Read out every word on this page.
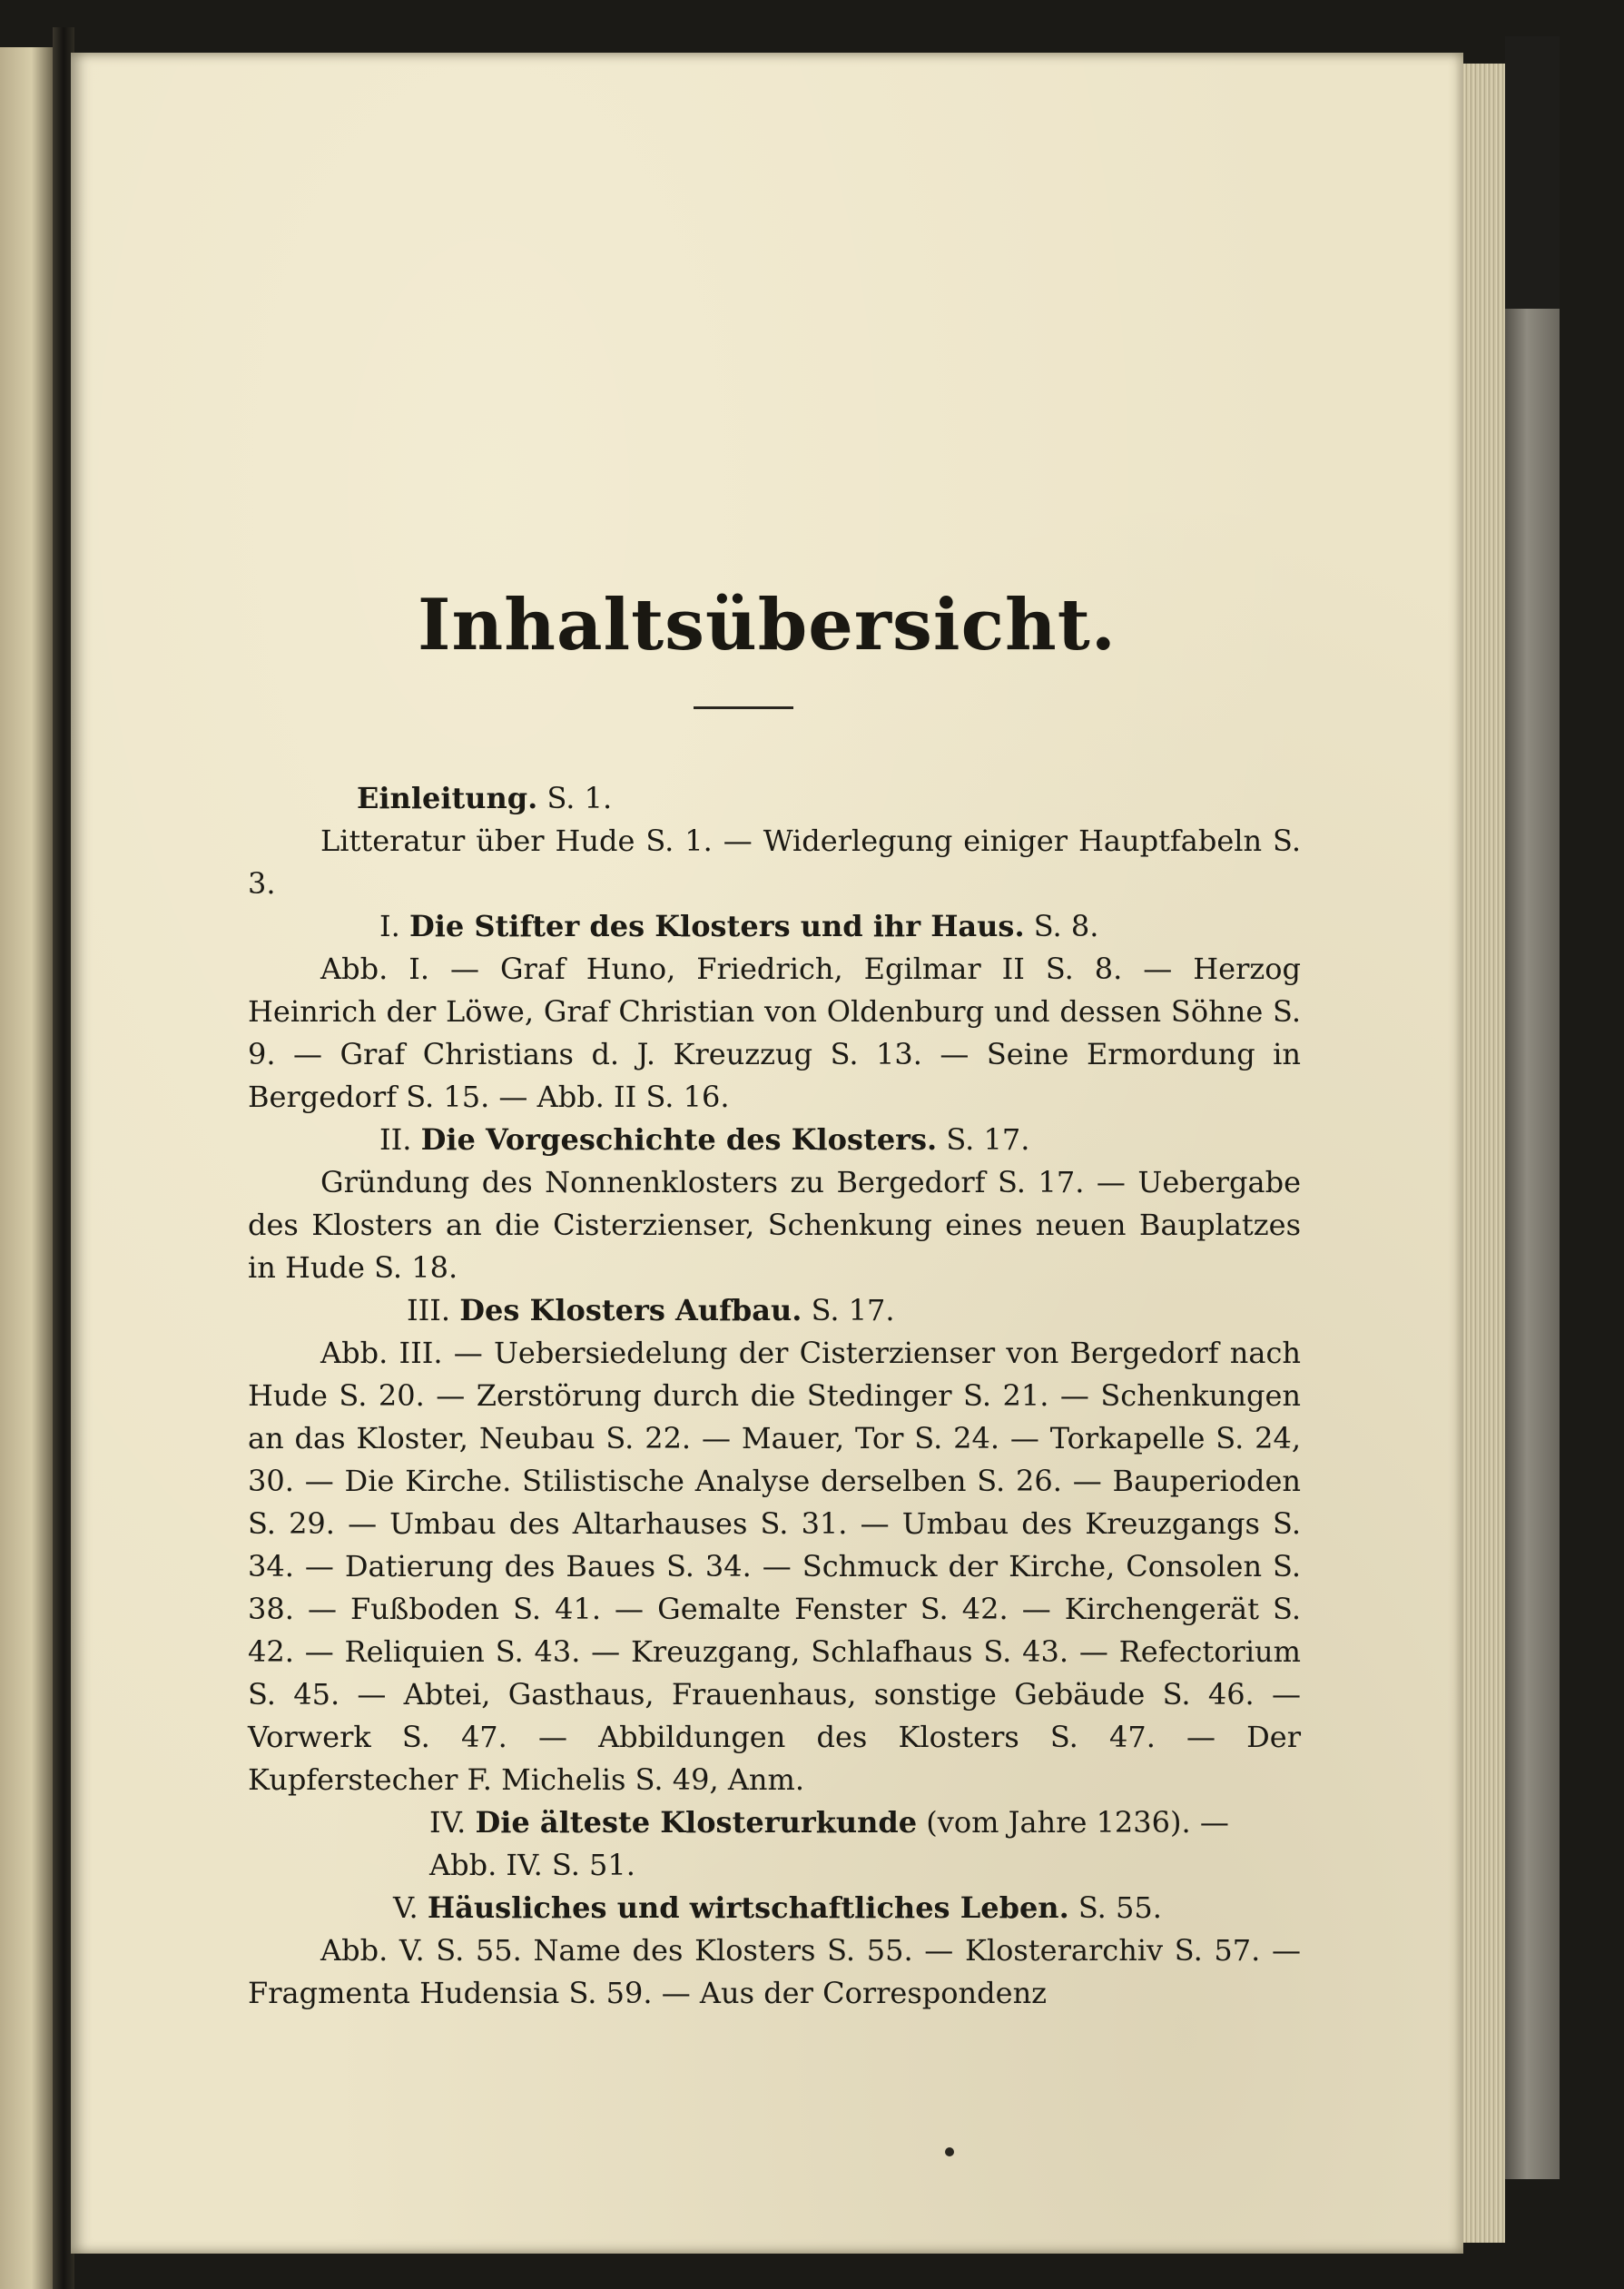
Inhaltsübersicht.

Einleitung. S. 1.

Litteratur über Hude S. 1. — Widerlegung einiger Hauptfabeln S. 3.

I. Die Stifter des Klosters und ihr Haus. S. 8.

Abb. I. — Graf Huno, Friedrich, Egilmar II S. 8. — Herzog Heinrich der Löwe, Graf Christian von Oldenburg und dessen Söhne S. 9. — Graf Christians d. J. Kreuzzug S. 13. — Seine Ermordung in Bergedorf S. 15. — Abb. II S. 16.

II. Die Vorgeschichte des Klosters. S. 17.

Gründung des Nonnenklosters zu Bergedorf S. 17. — Uebergabe des Klosters an die Cisterzienser, Schenkung eines neuen Bauplatzes in Hude S. 18.

III. Des Klosters Aufbau. S. 17.

Abb. III. — Uebersiedelung der Cisterzienser von Bergedorf nach Hude S. 20. — Zerstörung durch die Stedinger S. 21. — Schenkungen an das Kloster, Neubau S. 22. — Mauer, Tor S. 24. — Torkapelle S. 24, 30. — Die Kirche. Stilistische Analyse derselben S. 26. — Bauperioden S. 29. — Umbau des Altarhauses S. 31. — Umbau des Kreuzgangs S. 34. — Datierung des Baues S. 34. — Schmuck der Kirche, Consolen S. 38. — Fußboden S. 41. — Gemalte Fenster S. 42. — Kirchengerät S. 42. — Reliquien S. 43. — Kreuzgang, Schlafhaus S. 43. — Refectorium S. 45. — Abtei, Gasthaus, Frauenhaus, sonstige Gebäude S. 46. — Vorwerk S. 47. — Abbildungen des Klosters S. 47. — Der Kupferstecher F. Michelis S. 49, Anm.

IV. Die älteste Klosterurkunde (vom Jahre 1236). — Abb. IV. S. 51.

V. Häusliches und wirtschaftliches Leben. S. 55.

Abb. V. S. 55. Name des Klosters S. 55. — Klosterarchiv S. 57. — Fragmenta Hudensia S. 59. — Aus der Correspondenz
